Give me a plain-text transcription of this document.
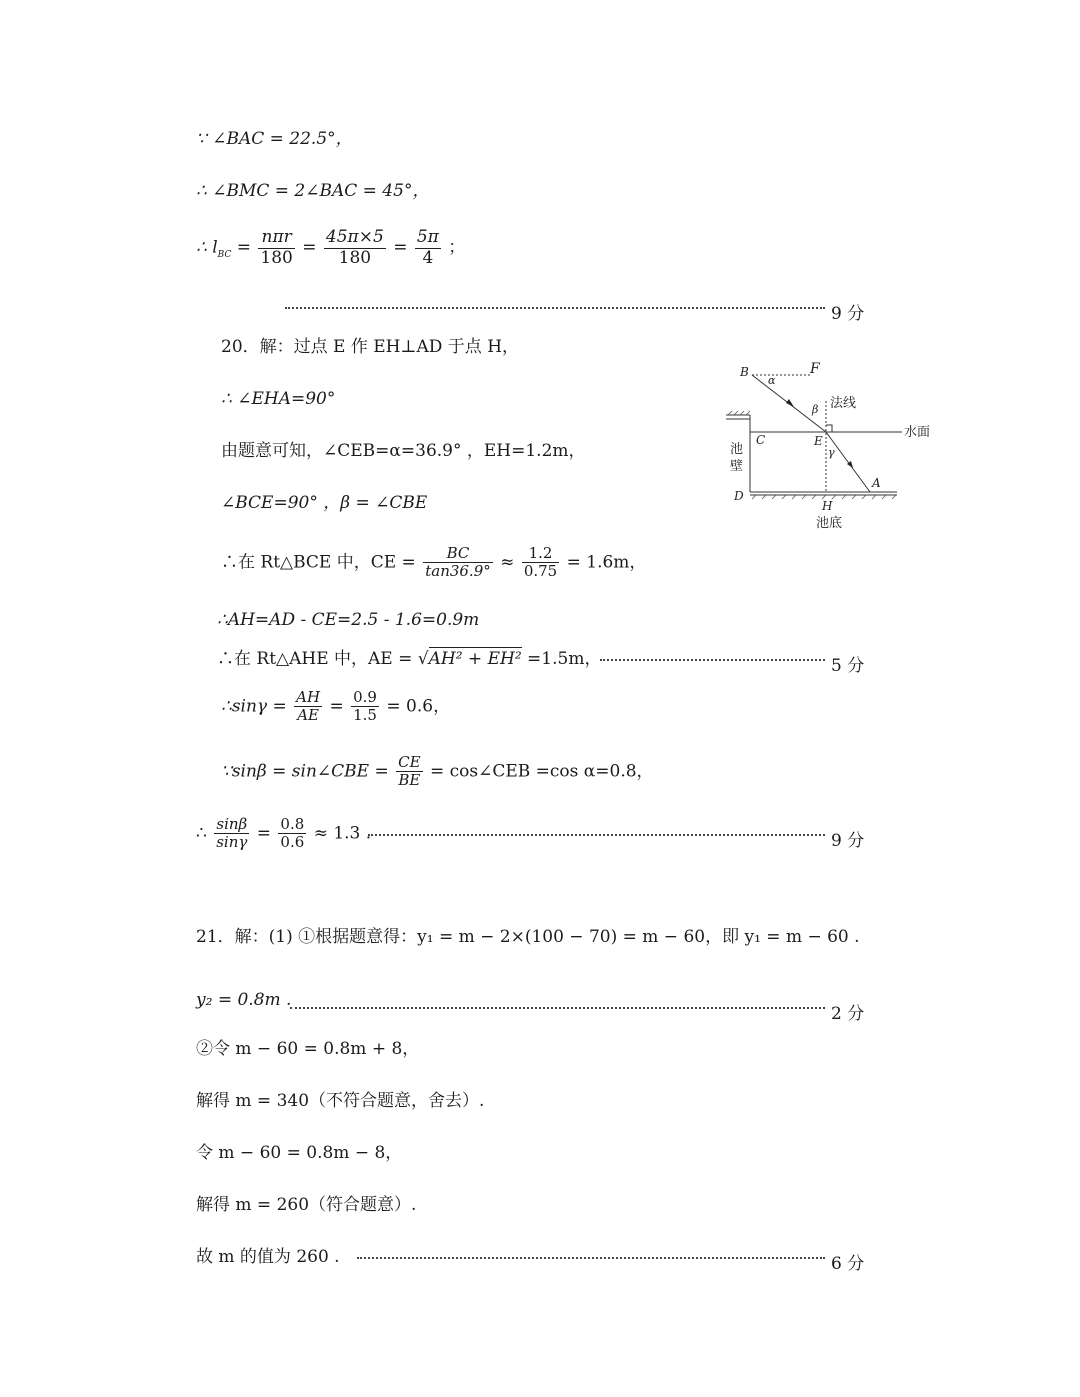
∵ ∠BAC = 22.5°，
∴ ∠BMC = 2∠BAC = 45°，
∴ $l_{BC} = \frac{\text{nπr}}{180} = \frac{45\pi\times 5}{180} = \frac{5\pi}{4}$ ；
9 分
20．解：过点 E 作 EH⊥AD 于点 H，
∴ ∠EHA=90°
由题意可知，∠CEB=α=36.9° ，EH=1.2m，
∠BCE=90° ，β = ∠CBE
∴在 Rt△BCE 中，CE = $\frac{BC}{\tan 36.9^\circ} \approx \frac{1.2}{0.75} = 1.6m$，
∴AH=AD - CE=2.5 - 1.6=0.9m
∴在 Rt△AHE 中，AE = √AH² + EH² =1.5m，	5 分
∴sinγ = $\frac{AH}{AE} = \frac{0.9}{1.5} = 0.6$，
∵sinβ = sin∠CBE = $\frac{CE}{BE}$ = cos∠CEB =cos α=0.8，
∴ $\frac{\sin\beta}{\sin\gamma} = \frac{0.8}{0.6} \approx 1.3$ .	9 分
B	F
α
β
C	E
γ
D
A
H
法线
水面
池
壁
池底
21．解：(1) ①根据题意得：y₁ = m − 2×(100 − 70) = m − 60，即 y₁ = m − 60 .
y₂ = 0.8m .
2 分
②令 m − 60 = 0.8m + 8，
解得 m = 340（不符合题意，舍去）.
令 m − 60 = 0.8m − 8，
解得 m = 260（符合题意）.
故 m 的值为 260 .	6 分
